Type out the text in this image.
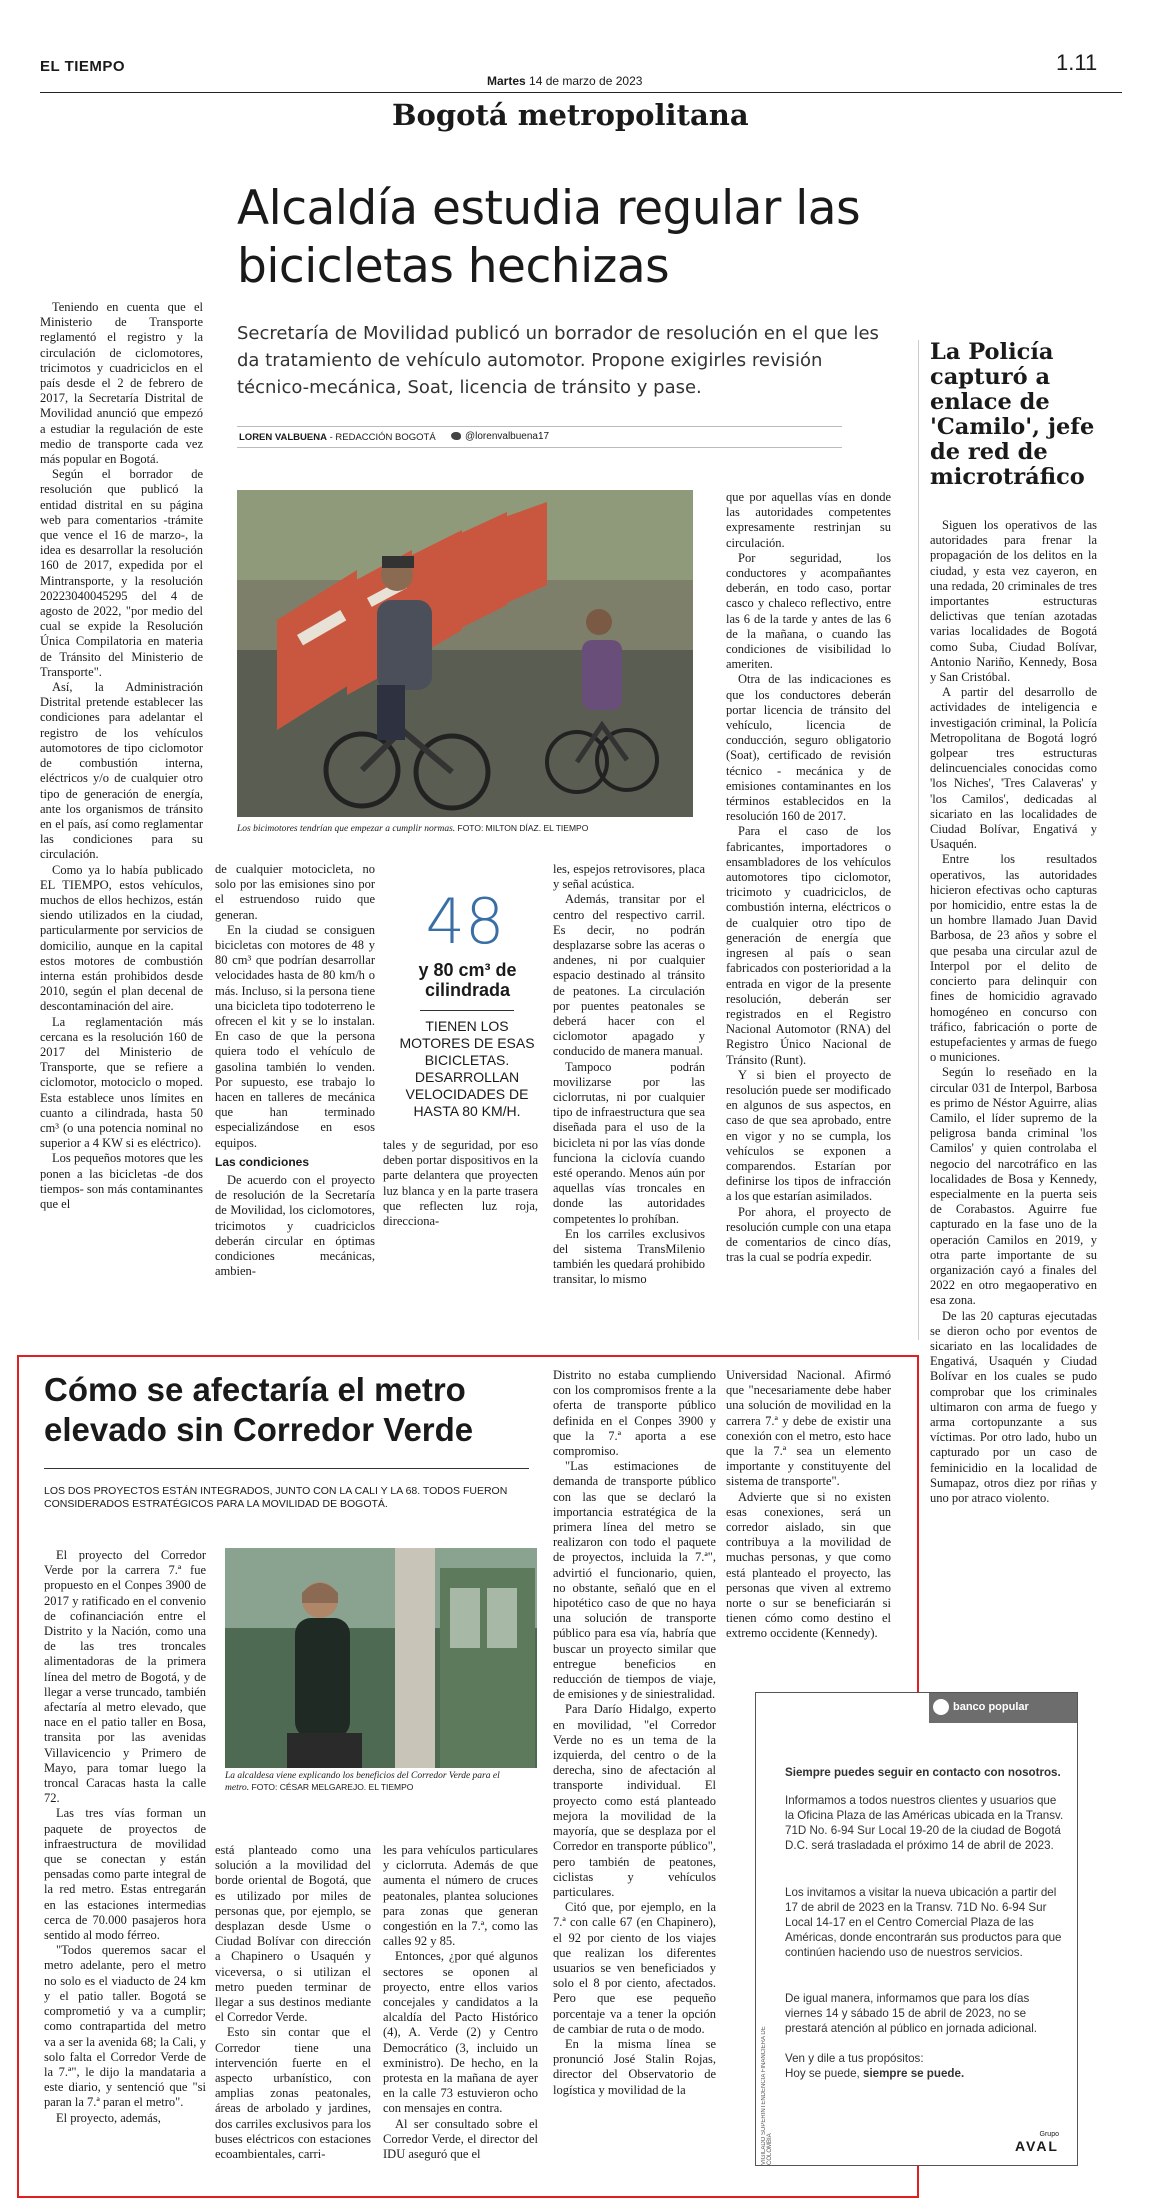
EL TIEMPO
Martes 14 de marzo de 2023
1.11
Bogotá metropolitana
Alcaldía estudia regular las bicicletas hechizas
Secretaría de Movilidad publicó un borrador de resolución en el que les da tratamiento de vehículo automotor. Propone exigirles revisión técnico-mecánica, Soat, licencia de tránsito y pase.
LOREN VALBUENA - REDACCIÓN BOGOTÁ	@lorenvalbuena17

Teniendo en cuenta que el Ministerio de Transporte reglamentó el registro y la circulación de ciclomotores, tricimotos y cuadriciclos en el país desde el 2 de febrero de 2017, la Secretaría Distrital de Movilidad anunció que empezó a estudiar la regulación de este medio de transporte cada vez más popular en Bogotá.

Según el borrador de resolución que publicó la entidad distrital en su página web para comentarios -trámite que vence el 16 de marzo-, la idea es desarrollar la resolución 160 de 2017, expedida por el Mintransporte, y la resolución 20223040045295 del 4 de agosto de 2022, "por medio del cual se expide la Resolución Única Compilatoria en materia de Tránsito del Ministerio de Transporte".

Así, la Administración Distrital pretende establecer las condiciones para adelantar el registro de los vehículos automotores de tipo ciclomotor de combustión interna, eléctricos y/o de cualquier otro tipo de generación de energía, ante los organismos de tránsito en el país, así como reglamentar las condiciones para su circulación.

Como ya lo había publicado EL TIEMPO, estos vehículos, muchos de ellos hechizos, están siendo utilizados en la ciudad, particularmente por servicios de domicilio, aunque en la capital estos motores de combustión interna están prohibidos desde 2010, según el plan decenal de descontaminación del aire.

La reglamentación más cercana es la resolución 160 de 2017 del Ministerio de Transporte, que se refiere a ciclomotor, motociclo o moped. Esta establece unos límites en cuanto a cilindrada, hasta 50 cm³ (o una potencia nominal no superior a 4 KW si es eléctrico).

Los pequeños motores que les ponen a las bicicletas -de dos tiempos- son más contaminantes que el

Los bicimotores tendrían que empezar a cumplir normas. FOTO: MILTON DÍAZ. EL TIEMPO

de cualquier motocicleta, no solo por las emisiones sino por el estruendoso ruido que generan.

En la ciudad se consiguen bicicletas con motores de 48 y 80 cm³ que podrían desarrollar velocidades hasta de 80 km/h o más. Incluso, si la persona tiene una bicicleta tipo todoterreno le ofrecen el kit y se lo instalan. En caso de que la persona quiera todo el vehículo de gasolina también lo venden. Por supuesto, ese trabajo lo hacen en talleres de mecánica que han terminado especializándose en esos equipos.

Las condiciones

De acuerdo con el proyecto de resolución de la Secretaría de Movilidad, los ciclomotores, tricimotos y cuadriciclos deberán circular en óptimas condiciones mecánicas, ambien-

48
y 80 cm³ de cilindrada
TIENEN LOS MOTORES DE ESAS BICICLETAS. DESARROLLAN VELOCIDADES DE HASTA 80 KM/H.

tales y de seguridad, por eso deben portar dispositivos en la parte delantera que proyecten luz blanca y en la parte trasera que reflecten luz roja, direcciona-

les, espejos retrovisores, placa y señal acústica.

Además, transitar por el centro del respectivo carril. Es decir, no podrán desplazarse sobre las aceras o andenes, ni por cualquier espacio destinado al tránsito de peatones. La circulación por puentes peatonales se deberá hacer con el ciclomotor apagado y conducido de manera manual.

Tampoco podrán movilizarse por las ciclorrutas, ni por cualquier tipo de infraestructura que sea diseñada para el uso de la bicicleta ni por las vías donde funciona la ciclovía cuando esté operando. Menos aún por aquellas vías troncales en donde las autoridades competentes lo prohíban.

En los carriles exclusivos del sistema TransMilenio también les quedará prohibido transitar, lo mismo

que por aquellas vías en donde las autoridades competentes expresamente restrinjan su circulación.

Por seguridad, los conductores y acompañantes deberán, en todo caso, portar casco y chaleco reflectivo, entre las 6 de la tarde y antes de las 6 de la mañana, o cuando las condiciones de visibilidad lo ameriten.

Otra de las indicaciones es que los conductores deberán portar licencia de tránsito del vehículo, licencia de conducción, seguro obligatorio (Soat), certificado de revisión técnico - mecánica y de emisiones contaminantes en los términos establecidos en la resolución 160 de 2017.

Para el caso de los fabricantes, importadores o ensambladores de los vehículos automotores tipo ciclomotor, tricimoto y cuadriciclos, de combustión interna, eléctricos o de cualquier otro tipo de generación de energía que ingresen al país o sean fabricados con posterioridad a la entrada en vigor de la presente resolución, deberán ser registrados en el Registro Nacional Automotor (RNA) del Registro Único Nacional de Tránsito (Runt).

Y si bien el proyecto de resolución puede ser modificado en algunos de sus aspectos, en caso de que sea aprobado, entre en vigor y no se cumpla, los vehículos se exponen a comparendos. Estarían por definirse los tipos de infracción a los que estarían asimilados.

Por ahora, el proyecto de resolución cumple con una etapa de comentarios de cinco días, tras la cual se podría expedir.

La Policía capturó a enlace de 'Camilo', jefe de red de microtráfico

Siguen los operativos de las autoridades para frenar la propagación de los delitos en la ciudad, y esta vez cayeron, en una redada, 20 criminales de tres importantes estructuras delictivas que tenían azotadas varias localidades de Bogotá como Suba, Ciudad Bolívar, Antonio Nariño, Kennedy, Bosa y San Cristóbal.

A partir del desarrollo de actividades de inteligencia e investigación criminal, la Policía Metropolitana de Bogotá logró golpear tres estructuras delincuenciales conocidas como 'los Niches', 'Tres Calaveras' y 'los Camilos', dedicadas al sicariato en las localidades de Ciudad Bolívar, Engativá y Usaquén.

Entre los resultados operativos, las autoridades hicieron efectivas ocho capturas por homicidio, entre estas la de un hombre llamado Juan David Barbosa, de 23 años y sobre el que pesaba una circular azul de Interpol por el delito de concierto para delinquir con fines de homicidio agravado homogéneo en concurso con tráfico, fabricación o porte de estupefacientes y armas de fuego o municiones.

Según lo reseñado en la circular 031 de Interpol, Barbosa es primo de Néstor Aguirre, alias Camilo, el líder supremo de la peligrosa banda criminal 'los Camilos' y quien controlaba el negocio del narcotráfico en las localidades de Bosa y Kennedy, especialmente en la puerta seis de Corabastos. Aguirre fue capturado en la fase uno de la operación Camilos en 2019, y otra parte importante de su organización cayó a finales del 2022 en otro megaoperativo en esa zona.

De las 20 capturas ejecutadas se dieron ocho por eventos de sicariato en las localidades de Engativá, Usaquén y Ciudad Bolívar en los cuales se pudo comprobar que los criminales ultimaron con arma de fuego y arma cortopunzante a sus víctimas. Por otro lado, hubo un capturado por un caso de feminicidio en la localidad de Sumapaz, otros diez por riñas y uno por atraco violento.

Cómo se afectaría el metro elevado sin Corredor Verde
LOS DOS PROYECTOS ESTÁN INTEGRADOS, JUNTO CON LA CALI Y LA 68. TODOS FUERON CONSIDERADOS ESTRATÉGICOS PARA LA MOVILIDAD DE BOGOTÁ.
La alcaldesa viene explicando los beneficios del Corredor Verde para el metro. FOTO: CÉSAR MELGAREJO. EL TIEMPO

El proyecto del Corredor Verde por la carrera 7.ª fue propuesto en el Conpes 3900 de 2017 y ratificado en el convenio de cofinanciación entre el Distrito y la Nación, como una de las tres troncales alimentadoras de la primera línea del metro de Bogotá, y de llegar a verse truncado, también afectaría al metro elevado, que nace en el patio taller en Bosa, transita por las avenidas Villavicencio y Primero de Mayo, para tomar luego la troncal Caracas hasta la calle 72.

Las tres vías forman un paquete de proyectos de infraestructura de movilidad que se conectan y están pensadas como parte integral de la red metro. Estas entregarán en las estaciones intermedias cerca de 70.000 pasajeros hora sentido al modo férreo.

"Todos queremos sacar el metro adelante, pero el metro no solo es el viaducto de 24 km y el patio taller. Bogotá se comprometió y va a cumplir; como contrapartida del metro va a ser la avenida 68; la Cali, y solo falta el Corredor Verde de la 7.ª", le dijo la mandataria a este diario, y sentenció que "si paran la 7.ª paran el metro".

El proyecto, además,

está planteado como una solución a la movilidad del borde oriental de Bogotá, que es utilizado por miles de personas que, por ejemplo, se desplazan desde Usme o Ciudad Bolívar con dirección a Chapinero o Usaquén y viceversa, o si utilizan el metro pueden terminar de llegar a sus destinos mediante el Corredor Verde.

Esto sin contar que el Corredor tiene una intervención fuerte en el aspecto urbanístico, con amplias zonas peatonales, áreas de arbolado y jardines, dos carriles exclusivos para los buses eléctricos con estaciones ecoambientales, carri-

les para vehículos particulares y ciclorruta. Además de que aumenta el número de cruces peatonales, plantea soluciones para zonas que generan congestión en la 7.ª, como las calles 92 y 85.

Entonces, ¿por qué algunos sectores se oponen al proyecto, entre ellos varios concejales y candidatos a la alcaldía del Pacto Histórico (4), A. Verde (2) y Centro Democrático (3, incluido un exministro). De hecho, en la protesta en la mañana de ayer en la calle 73 estuvieron ocho con mensajes en contra.

Al ser consultado sobre el Corredor Verde, el director del IDU aseguró que el

Distrito no estaba cumpliendo con los compromisos frente a la oferta de transporte público definida en el Conpes 3900 y que la 7.ª aporta a ese compromiso.

"Las estimaciones de demanda de transporte público con las que se declaró la importancia estratégica de la primera línea del metro se realizaron con todo el paquete de proyectos, incluida la 7.ª", advirtió el funcionario, quien, no obstante, señaló que en el hipotético caso de que no haya una solución de transporte público para esa vía, habría que buscar un proyecto similar que entregue beneficios en reducción de tiempos de viaje, de emisiones y de siniestralidad.

Para Darío Hidalgo, experto en movilidad, "el Corredor Verde no es un tema de la izquierda, del centro o de la derecha, sino de afectación al transporte individual. El proyecto como está planteado mejora la movilidad de la mayoría, que se desplaza por el Corredor en transporte público", pero también de peatones, ciclistas y vehículos particulares.

Citó que, por ejemplo, en la 7.ª con calle 67 (en Chapinero), el 92 por ciento de los viajes que realizan los diferentes usuarios se ven beneficiados y solo el 8 por ciento, afectados. Pero que ese pequeño porcentaje va a tener la opción de cambiar de ruta o de modo.

En la misma línea se pronunció José Stalin Rojas, director del Observatorio de logística y movilidad de la

Universidad Nacional. Afirmó que "necesariamente debe haber una solución de movilidad en la carrera 7.ª y debe de existir una conexión con el metro, esto hace que la 7.ª sea un elemento importante y constituyente del sistema de transporte".

Advierte que si no existen esas conexiones, será un corredor aislado, sin que contribuya a la movilidad de muchas personas, y que como está planteado el proyecto, las personas que viven al extremo norte o sur se beneficiarán si tienen cómo como destino el extremo occidente (Kennedy).

banco popular
Siempre puedes seguir en contacto con nosotros.
Informamos a todos nuestros clientes y usuarios que la Oficina Plaza de las Américas ubicada en la Transv. 71D No. 6-94 Sur Local 19-20 de la ciudad de Bogotá D.C. será trasladada el próximo 14 de abril de 2023.
Los invitamos a visitar la nueva ubicación a partir del 17 de abril de 2023 en la Transv. 71D No. 6-94 Sur Local 14-17 en el Centro Comercial Plaza de las Américas, donde encontrarán sus productos para que continúen haciendo uso de nuestros servicios.
De igual manera, informamos que para los días viernes 14 y sábado 15 de abril de 2023, no se prestará atención al público en jornada adicional.
Ven y dile a tus propósitos:
Hoy se puede, siempre se puede.
VIGILADO SUPERINTENDENCIA FINANCIERA DE COLOMBIA	Grupo
AVAL
